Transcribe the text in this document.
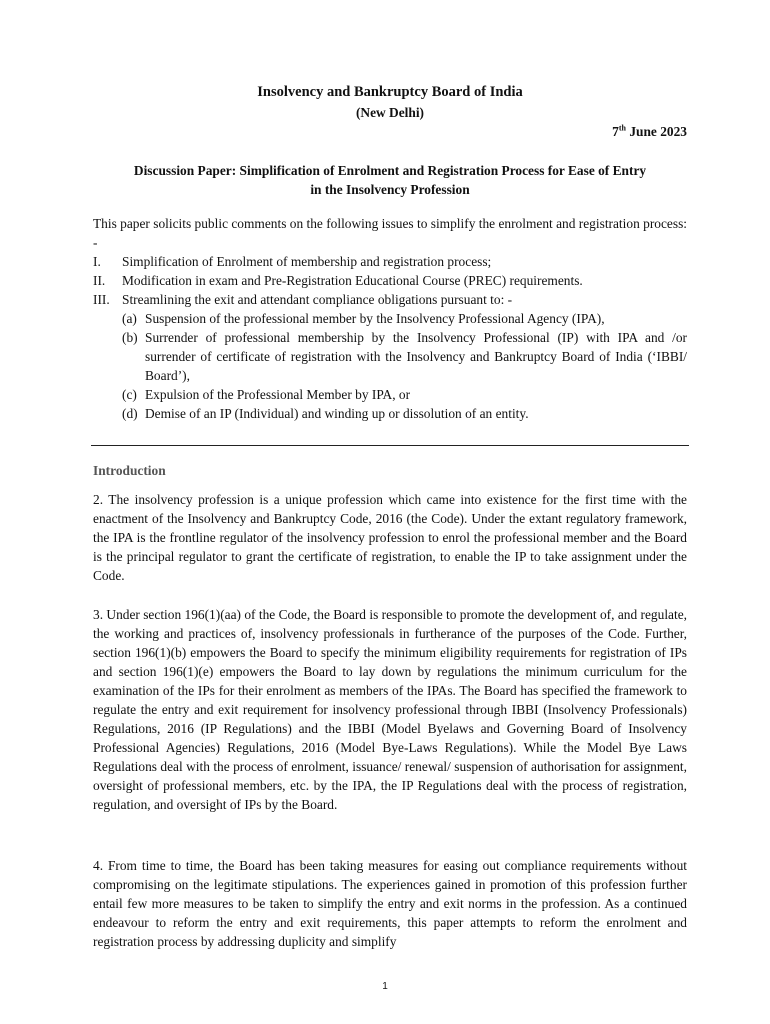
Insolvency and Bankruptcy Board of India
(New Delhi)
7th June 2023
Discussion Paper: Simplification of Enrolment and Registration Process for Ease of Entry
in the Insolvency Profession
This paper solicits public comments on the following issues to simplify the enrolment and registration process: -
I. Simplification of Enrolment of membership and registration process;
II. Modification in exam and Pre-Registration Educational Course (PREC) requirements.
III. Streamlining the exit and attendant compliance obligations pursuant to: -
(a) Suspension of the professional member by the Insolvency Professional Agency (IPA),
(b) Surrender of professional membership by the Insolvency Professional (IP) with IPA and /or surrender of certificate of registration with the Insolvency and Bankruptcy Board of India (‘IBBI/ Board’),
(c) Expulsion of the Professional Member by IPA, or
(d) Demise of an IP (Individual) and winding up or dissolution of an entity.
Introduction
2. The insolvency profession is a unique profession which came into existence for the first time with the enactment of the Insolvency and Bankruptcy Code, 2016 (the Code). Under the extant regulatory framework, the IPA is the frontline regulator of the insolvency profession to enrol the professional member and the Board is the principal regulator to grant the certificate of registration, to enable the IP to take assignment under the Code.
3. Under section 196(1)(aa) of the Code, the Board is responsible to promote the development of, and regulate, the working and practices of, insolvency professionals in furtherance of the purposes of the Code. Further, section 196(1)(b) empowers the Board to specify the minimum eligibility requirements for registration of IPs and section 196(1)(e) empowers the Board to lay down by regulations the minimum curriculum for the examination of the IPs for their enrolment as members of the IPAs. The Board has specified the framework to regulate the entry and exit requirement for insolvency professional through IBBI (Insolvency Professionals) Regulations, 2016 (IP Regulations) and the IBBI (Model Byelaws and Governing Board of Insolvency Professional Agencies) Regulations, 2016 (Model Bye-Laws Regulations). While the Model Bye Laws Regulations deal with the process of enrolment, issuance/ renewal/ suspension of authorisation for assignment, oversight of professional members, etc. by the IPA, the IP Regulations deal with the process of registration, regulation, and oversight of IPs by the Board.
4. From time to time, the Board has been taking measures for easing out compliance requirements without compromising on the legitimate stipulations. The experiences gained in promotion of this profession further entail few more measures to be taken to simplify the entry and exit norms in the profession. As a continued endeavour to reform the entry and exit requirements, this paper attempts to reform the enrolment and registration process by addressing duplicity and simplify
1
